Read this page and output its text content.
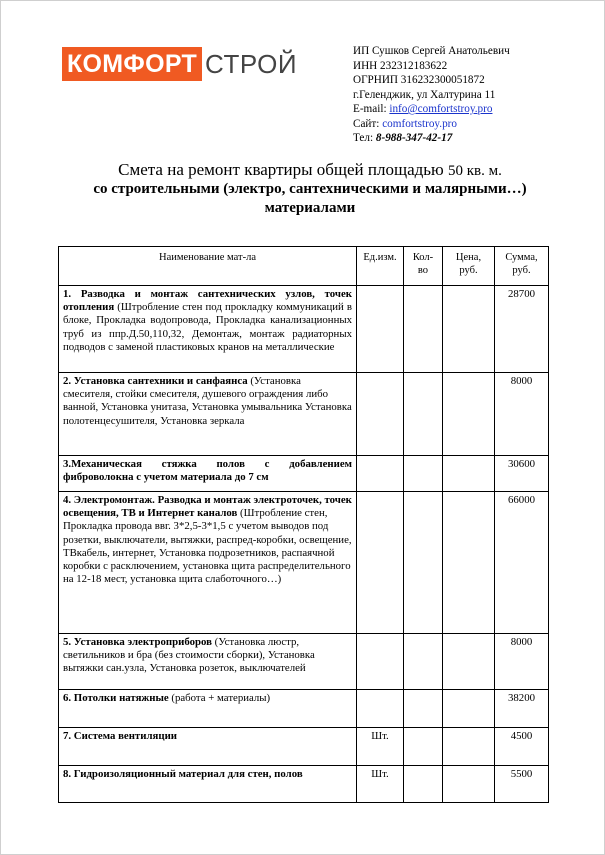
КОМФОРТ СТРОЙ	ИП Сушков Сергей Анатольевич
ИНН 232312183622
ОГРНИП 316232300051872
г.Геленджик, ул Халтурина 11
E-mail: info@comfortstroy.pro
Сайт: comfortstroy.pro
Тел: 8-988-347-42-17
Смета на ремонт квартиры общей площадью 50 кв. м.
со строительными (электро, сантехническими и малярными…)
материалами
Наименование мат-ла	Ед.изм.	Кол-во	Цена, руб.	Сумма, руб.
1. Разводка и монтаж сантехнических узлов, точек отопления (Штробление стен под прокладку коммуникаций в блоке, Прокладка водопровода, Прокладка канализационных труб из ппр.Д.50,110,32, Демонтаж, монтаж радиаторных подводов с заменой пластиковых кранов на металлические				28700
2. Установка сантехники и санфаянса (Установка смесителя, стойки смесителя, душевого ограждения либо ванной, Установка унитаза, Установка умывальника Установка полотенцесушителя, Установка зеркала				8000
3.Механическая стяжка полов с добавлением фиброволокна с учетом материала до 7 см				30600
4. Электромонтаж. Разводка и монтаж электроточек, точек освещения, ТВ и Интернет каналов (Штробление стен, Прокладка провода ввг. 3*2,5-3*1,5 с учетом выводов под розетки, выключатели, вытяжки, распред-коробки, освещение, ТВкабель, интернет, Установка подрозетников, распаячной коробки с расключением, установка щита распределительного на 12-18 мест, установка щита слаботочного…)				66000
5. Установка электроприборов (Установка люстр, светильников и бра (без стоимости сборки), Установка вытяжки сан.узла, Установка розеток, выключателей				8000
6. Потолки натяжные (работа + материалы)				38200
7. Система вентиляции	Шт.			4500
8. Гидроизоляционный материал для стен, полов	Шт.			5500
